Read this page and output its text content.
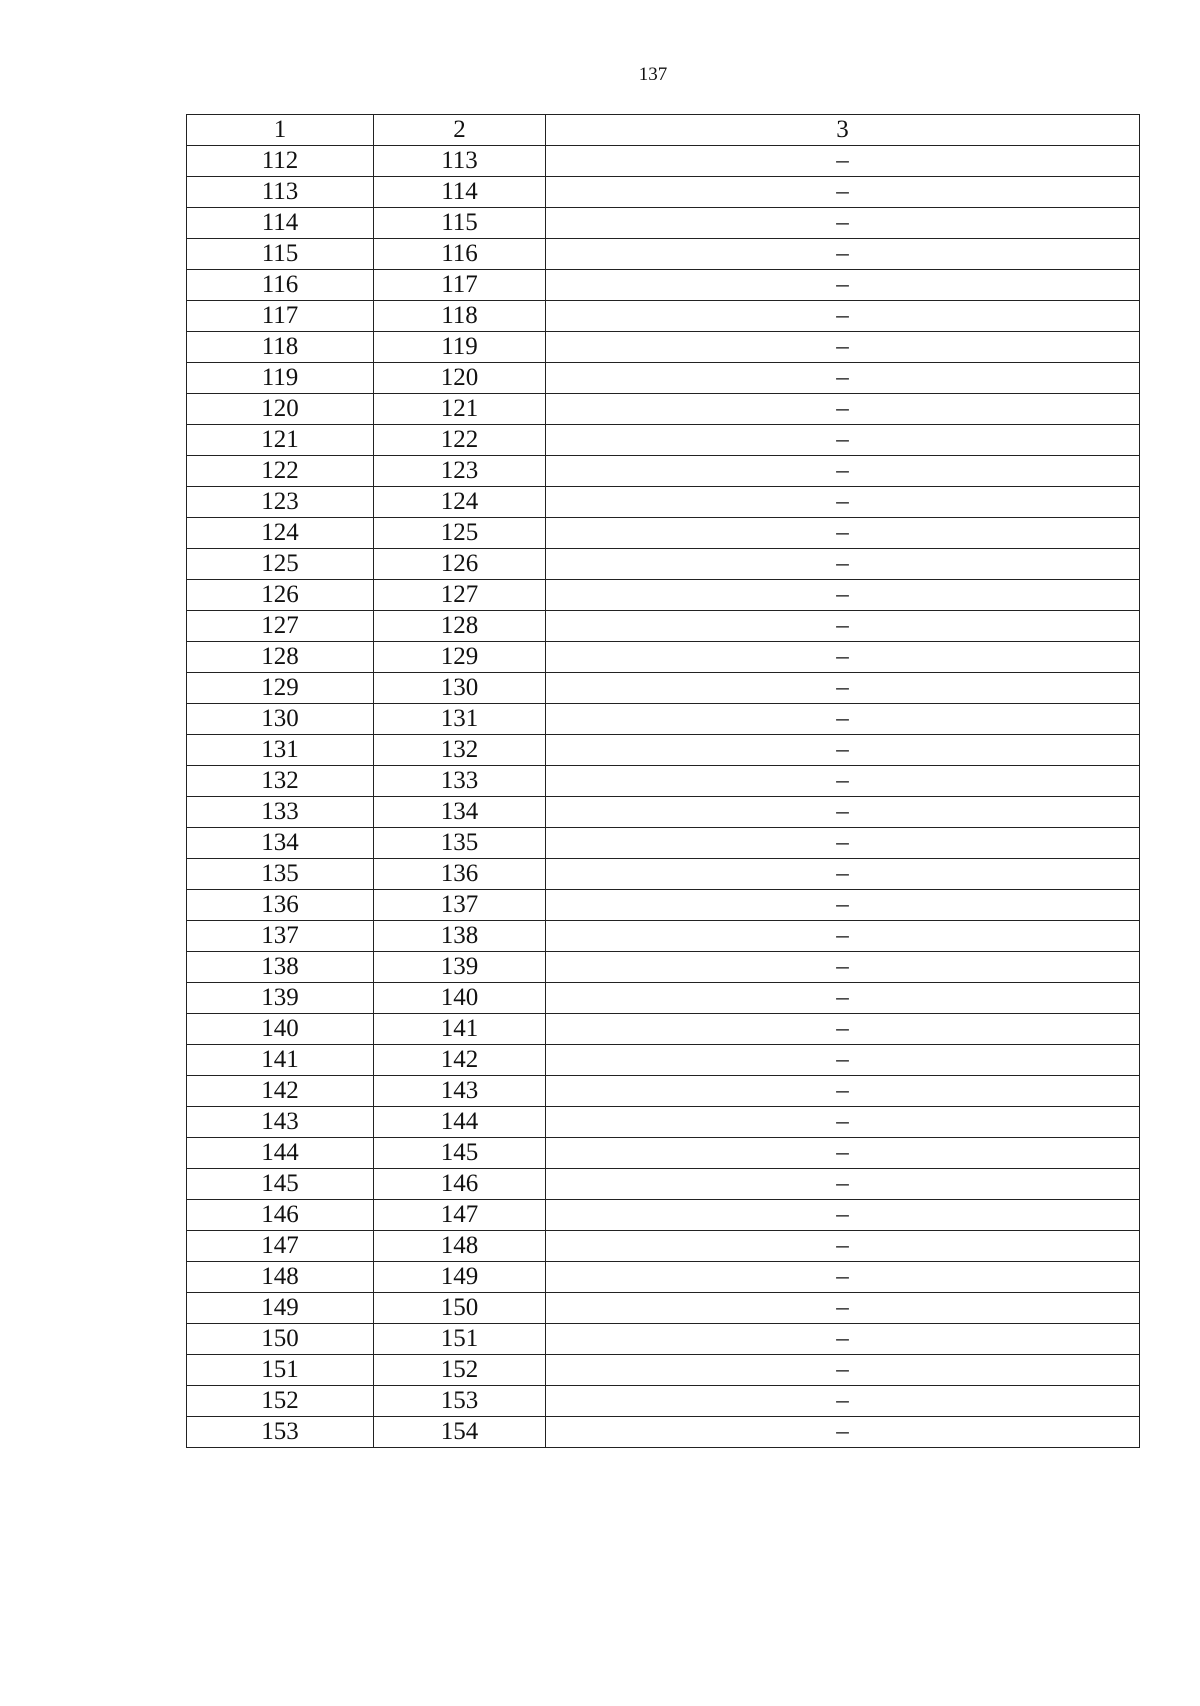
137
1	2	3
112	113	–
113	114	–
114	115	–
115	116	–
116	117	–
117	118	–
118	119	–
119	120	–
120	121	–
121	122	–
122	123	–
123	124	–
124	125	–
125	126	–
126	127	–
127	128	–
128	129	–
129	130	–
130	131	–
131	132	–
132	133	–
133	134	–
134	135	–
135	136	–
136	137	–
137	138	–
138	139	–
139	140	–
140	141	–
141	142	–
142	143	–
143	144	–
144	145	–
145	146	–
146	147	–
147	148	–
148	149	–
149	150	–
150	151	–
151	152	–
152	153	–
153	154	–
